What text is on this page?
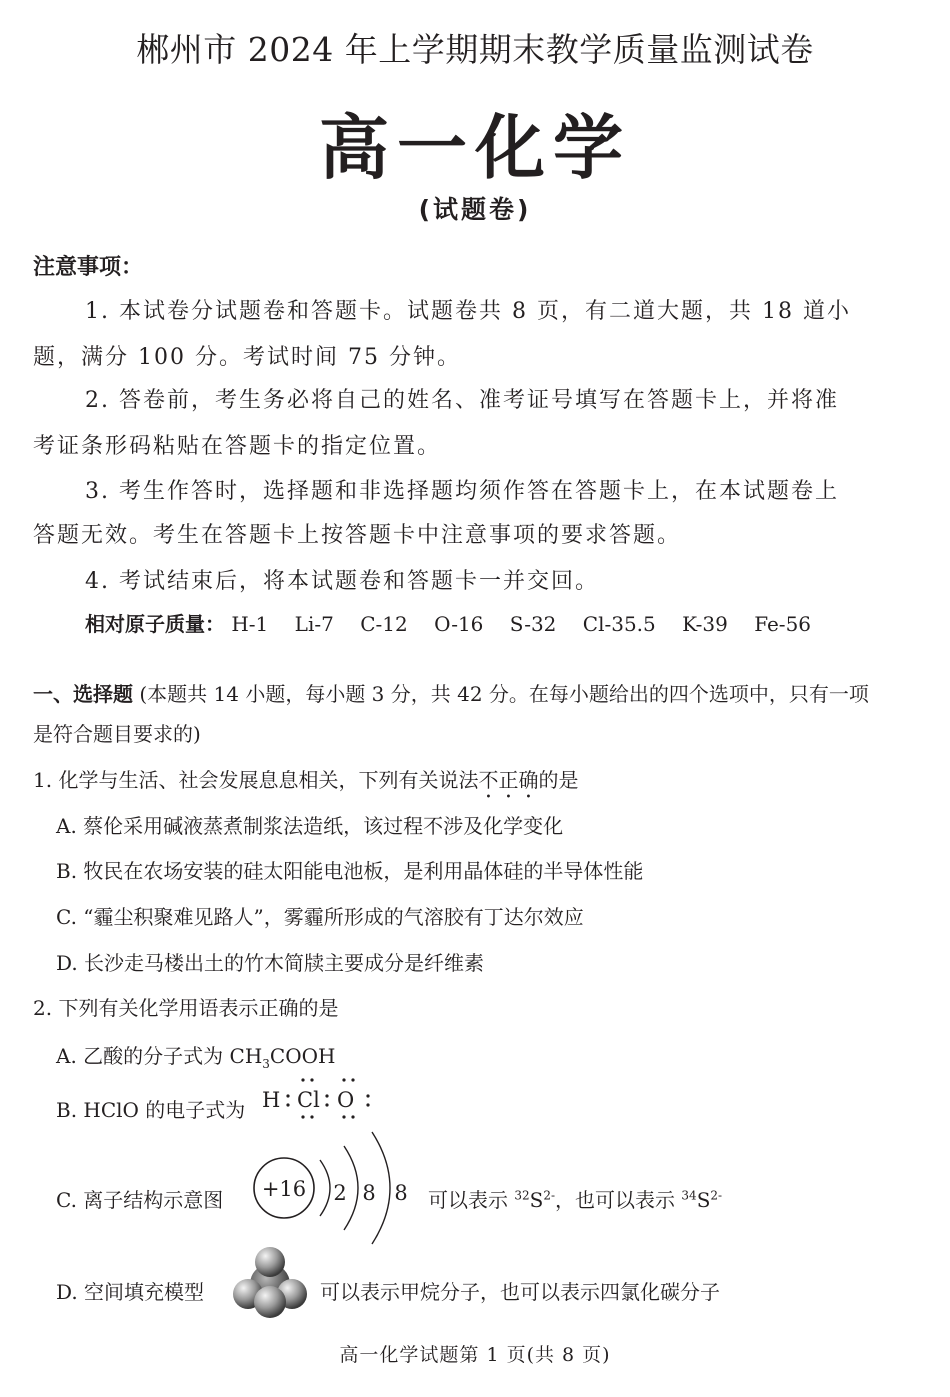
郴州市 2024 年上学期期末教学质量监测试卷
高一化学
(试题卷)
注意事项：
1. 本试卷分试题卷和答题卡。试题卷共 8 页，有二道大题，共 18 道小
题，满分 100 分。考试时间 75 分钟。
2. 答卷前，考生务必将自己的姓名、准考证号填写在答题卡上，并将准
考证条形码粘贴在答题卡的指定位置。
3. 考生作答时，选择题和非选择题均须作答在答题卡上，在本试题卷上
答题无效。考生在答题卡上按答题卡中注意事项的要求答题。
4. 考试结束后，将本试题卷和答题卡一并交回。
相对原子质量： H-1 Li-7 C-12 O-16 S-32 Cl-35.5 K-39 Fe-56
一、选择题 (本题共 14 小题，每小题 3 分，共 42 分。在每小题给出的四个选项中，只有一项
是符合题目要求的)
1. 化学与生活、社会发展息息相关，下列有关说法不正确的是
A. 蔡伦采用碱液蒸煮制浆法造纸，该过程不涉及化学变化
B. 牧民在农场安装的硅太阳能电池板，是利用晶体硅的半导体性能
C. “霾尘积聚难见路人”，雾霾所形成的气溶胶有丁达尔效应
D. 长沙走马楼出土的竹木简牍主要成分是纤维素
2. 下列有关化学用语表示正确的是
A. 乙酸的分子式为 $CH_3COOH$
B. HClO 的电子式为 H Cl O
C. 离子结构示意图 +16 2 8 8 可以表示 $^{32}S^{2-}$，也可以表示 $^{34}S^{2-}$
D. 空间填充模型	可以表示甲烷分子，也可以表示四氯化碳分子
高一化学试题第 1 页(共 8 页)
